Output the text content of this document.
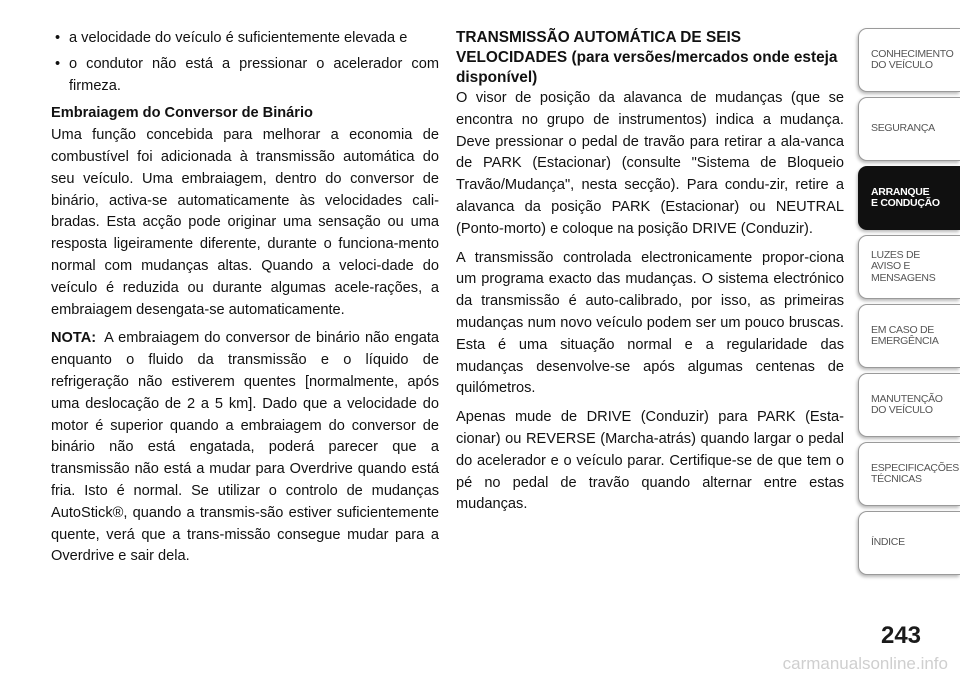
• a velocidade do veículo é suficientemente elevada e
• o condutor não está a pressionar o acelerador com firmeza.
Embraiagem do Conversor de Binário

Uma função concebida para melhorar a economia de combustível foi adicionada à transmissão automática do seu veículo. Uma embraiagem, dentro do conversor de binário, activa-se automaticamente às velocidades cali-bradas. Esta acção pode originar uma sensação ou uma resposta ligeiramente diferente, durante o funciona-mento normal com mudanças altas. Quando a veloci-dade do veículo é reduzida ou durante algumas acele-rações, a embraiagem desengata-se automaticamente.

NOTA: A embraiagem do conversor de binário não engata enquanto o fluido da transmissão e o líquido de refrigeração não estiverem quentes [normalmente, após uma deslocação de 2 a 5 km]. Dado que a velocidade do motor é superior quando a embraiagem do conversor de binário não está engatada, poderá parecer que a transmissão não está a mudar para Overdrive quando está fria. Isto é normal. Se utilizar o controlo de mudanças AutoStick®, quando a transmis-são estiver suficientemente quente, verá que a trans-missão consegue mudar para a Overdrive e sair dela.

TRANSMISSÃO AUTOMÁTICA DE SEIS VELOCIDADES (para versões/mercados onde esteja disponível)

O visor de posição da alavanca de mudanças (que se encontra no grupo de instrumentos) indica a mudança. Deve pressionar o pedal de travão para retirar a ala-vanca de PARK (Estacionar) (consulte "Sistema de Bloqueio Travão/Mudança", nesta secção). Para condu-zir, retire a alavanca da posição PARK (Estacionar) ou NEUTRAL (Ponto-morto) e coloque na posição DRIVE (Conduzir).

A transmissão controlada electronicamente propor-ciona um programa exacto das mudanças. O sistema electrónico da transmissão é auto-calibrado, por isso, as primeiras mudanças num novo veículo podem ser um pouco bruscas. Esta é uma situação normal e a regularidade das mudanças desenvolve-se após algumas centenas de quilómetros.

Apenas mude de DRIVE (Conduzir) para PARK (Esta-cionar) ou REVERSE (Marcha-atrás) quando largar o pedal do acelerador e o veículo parar. Certifique-se de que tem o pé no pedal de travão quando alternar entre estas mudanças.

CONHECIMENTO
DO VEÍCULO
SEGURANÇA
ARRANQUE
E CONDUÇÃO
LUZES DE
AVISO E
MENSAGENS
EM CASO DE
EMERGÊNCIA
MANUTENÇÃO
DO VEÍCULO
ESPECIFICAÇÕES
TÉCNICAS
ÍNDICE
243
carmanualsonline.info
